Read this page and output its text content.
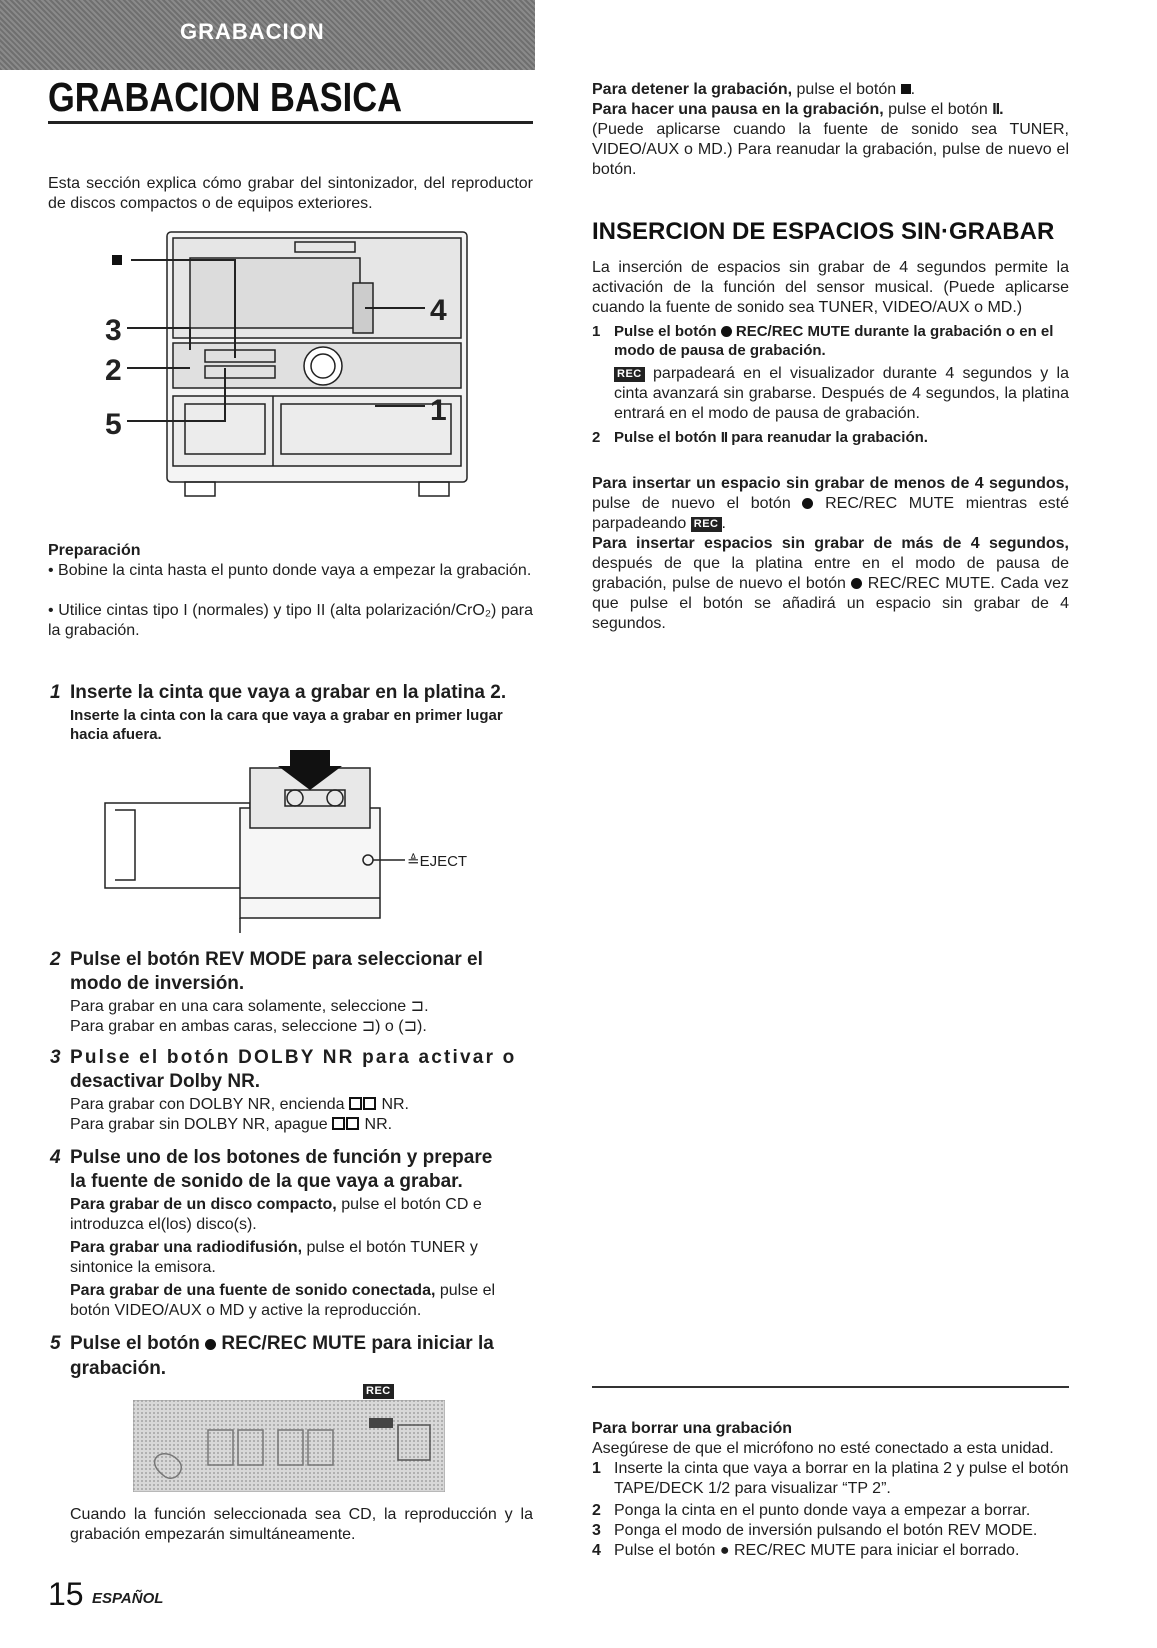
GRABACION
GRABACION BASICA
Esta sección explica cómo grabar del sintonizador, del reproductor de discos compactos o de equipos exteriores.
3
2
5
4
1
Preparación
• Bobine la cinta hasta el punto donde vaya a empezar la grabación.
• Utilice cintas tipo I (normales) y tipo II (alta polarización/CrO₂) para la grabación.
1 Inserte la cinta que vaya a grabar en la platina 2.
Inserte la cinta con la cara que vaya a grabar en primer lugar hacia afuera.
≜EJECT
2 Pulse el botón REV MODE para seleccionar el
modo de inversión.
Para grabar en una cara solamente, seleccione ⊐.
Para grabar en ambas caras, seleccione ⊐) o (⊐).
3 Pulse el botón DOLBY NR para activar o
desactivar Dolby NR.
Para grabar con DOLBY NR, encienda NR.
Para grabar sin DOLBY NR, apague NR.
4 Pulse uno de los botones de función y prepare
la fuente de sonido de la que vaya a grabar.
Para grabar de un disco compacto, pulse el botón CD e introduzca el(los) disco(s).
Para grabar una radiodifusión, pulse el botón TUNER y sintonice la emisora.
Para grabar de una fuente de sonido conectada, pulse el botón VIDEO/AUX o MD y active la reproducción.
5 Pulse el botón REC/REC MUTE para iniciar la
grabación.
REC
Cuando la función seleccionada sea CD, la reproducción y la grabación empezarán simultáneamente.
Para detener la grabación, pulse el botón .
Para hacer una pausa en la grabación, pulse el botón II.
(Puede aplicarse cuando la fuente de sonido sea TUNER, VIDEO/AUX o MD.) Para reanudar la grabación, pulse de nuevo el botón.
INSERCION DE ESPACIOS SIN·GRABAR
La inserción de espacios sin grabar de 4 segundos permite la activación de la función del sensor musical. (Puede aplicarse cuando la fuente de sonido sea TUNER, VIDEO/AUX o MD.)
1 Pulse el botón REC/REC MUTE durante la grabación o en el modo de pausa de grabación.
REC parpadeará en el visualizador durante 4 segundos y la cinta avanzará sin grabarse. Después de 4 segundos, la platina entrará en el modo de pausa de grabación.
2 Pulse el botón II para reanudar la grabación.
Para insertar un espacio sin grabar de menos de 4 segundos, pulse de nuevo el botón REC/REC MUTE mientras esté parpadeando REC .
Para insertar espacios sin grabar de más de 4 segundos, después de que la platina entre en el modo de pausa de grabación, pulse de nuevo el botón REC/REC MUTE. Cada vez que pulse el botón se añadirá un espacio sin grabar de 4 segundos.
Para borrar una grabación
Asegúrese de que el micrófono no esté conectado a esta unidad.
1 Inserte la cinta que vaya a borrar en la platina 2 y pulse el botón TAPE/DECK 1/2 para visualizar “TP 2”.
2 Ponga la cinta en el punto donde vaya a empezar a borrar.
3 Ponga el modo de inversión pulsando el botón REV MODE.
4 Pulse el botón ● REC/REC MUTE para iniciar el borrado.
15 ESPAÑOL
